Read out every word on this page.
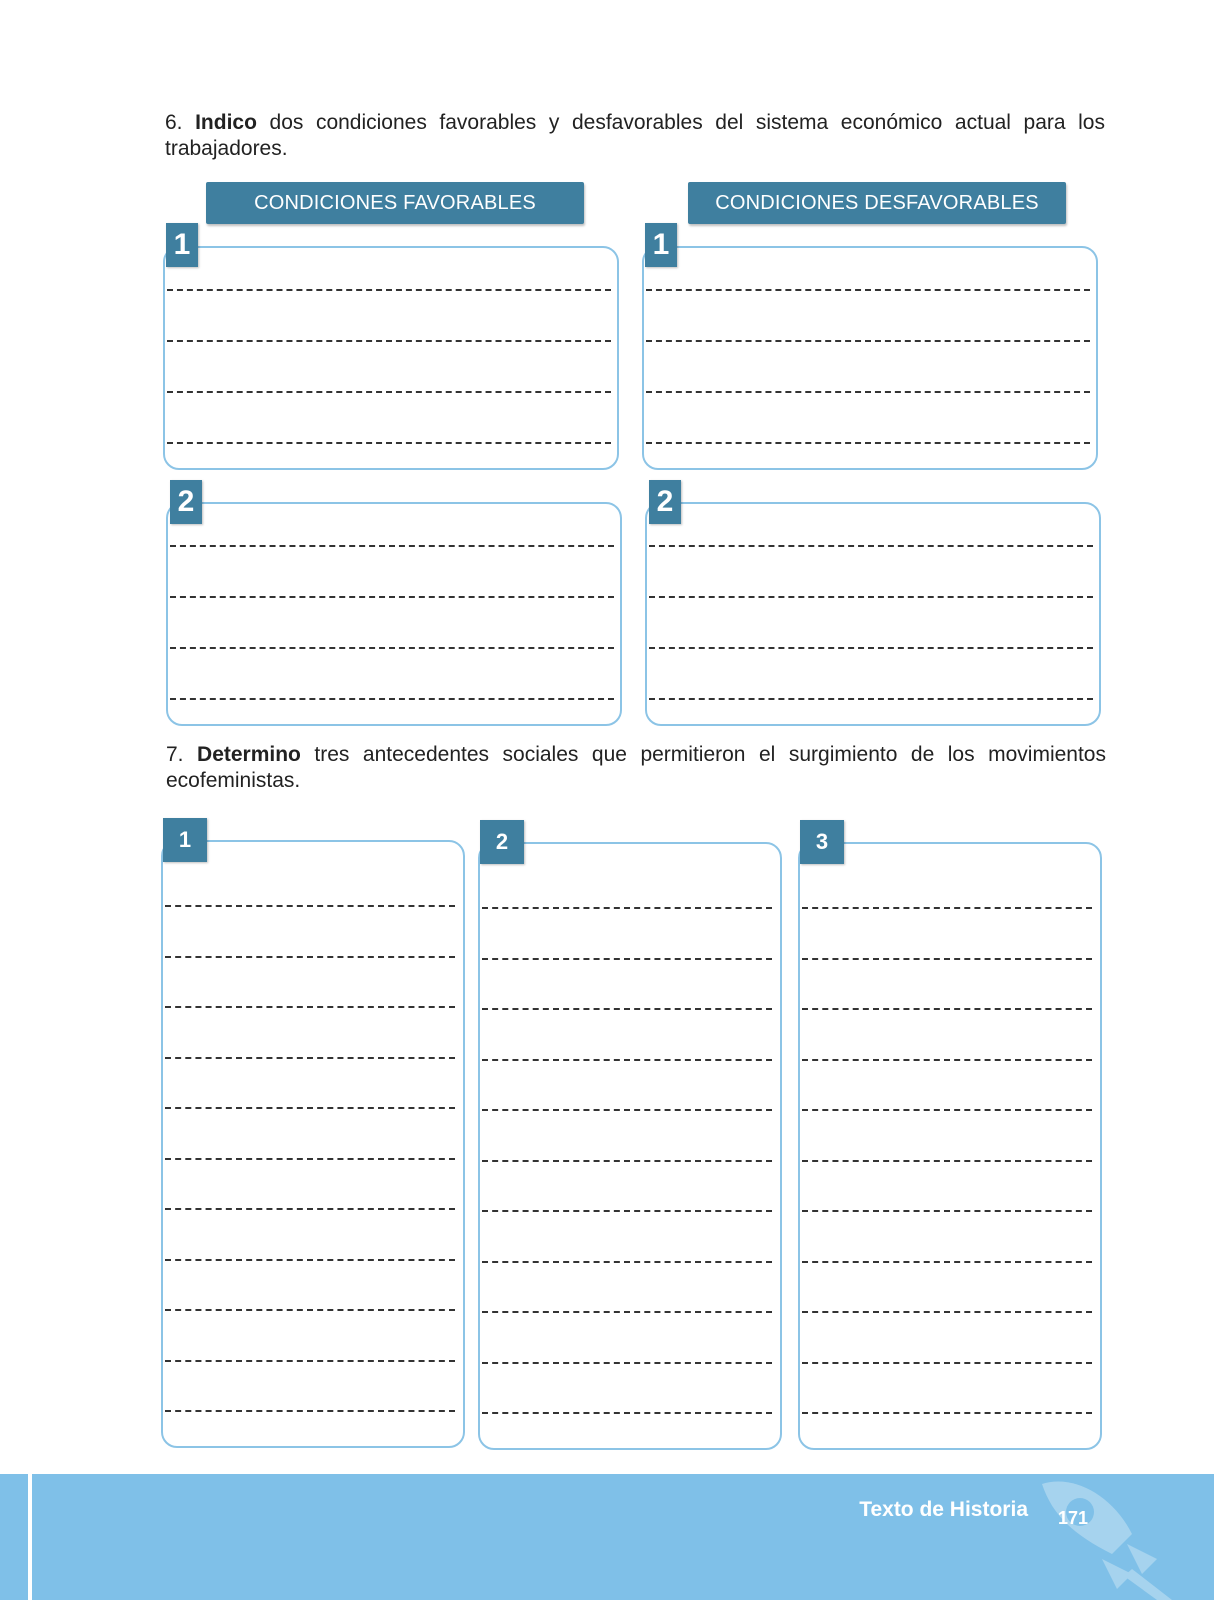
6. Indico dos condiciones favorables y desfavorables del sistema económico actual para los trabajadores.
CONDICIONES FAVORABLES	CONDICIONES DESFAVORABLES
1	1
2	2
7. Determino tres antecedentes sociales que permitieron el surgimiento de los movimientos ecofeministas.
1	2	3
Texto de Historia 171
